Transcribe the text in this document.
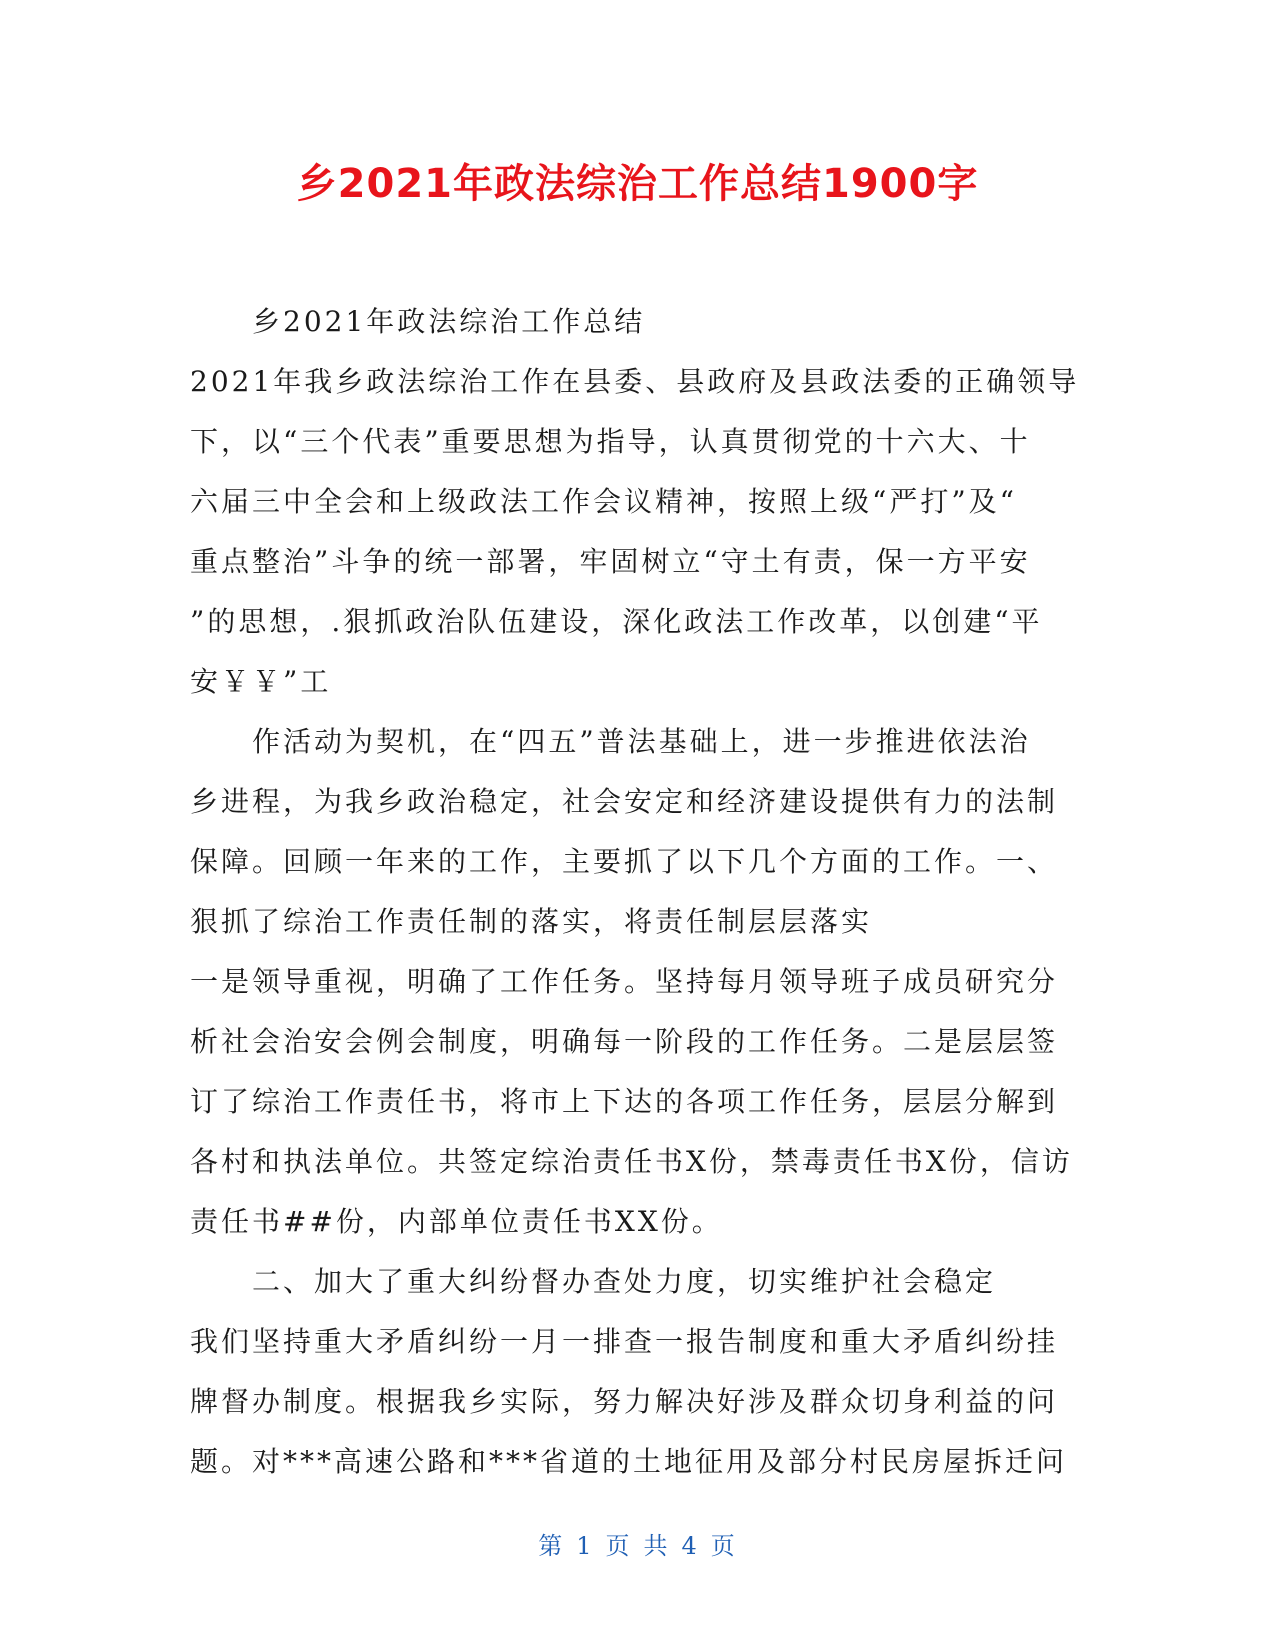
乡2021年政法综治工作总结1900字
乡2021年政法综治工作总结
2021年我乡政法综治工作在县委、县政府及县政法委的正确领导
下，以“三个代表”重要思想为指导，认真贯彻党的十六大、十
六届三中全会和上级政法工作会议精神，按照上级“严打”及“
重点整治”斗争的统一部署，牢固树立“守土有责，保一方平安
”的思想，.狠抓政治队伍建设，深化政法工作改革，以创建“平
安￥￥”工
作活动为契机，在“四五”普法基础上，进一步推进依法治
乡进程，为我乡政治稳定，社会安定和经济建设提供有力的法制
保障。回顾一年来的工作，主要抓了以下几个方面的工作。一、
狠抓了综治工作责任制的落实，将责任制层层落实
一是领导重视，明确了工作任务。坚持每月领导班子成员研究分
析社会治安会例会制度，明确每一阶段的工作任务。二是层层签
订了综治工作责任书，将市上下达的各项工作任务，层层分解到
各村和执法单位。共签定综治责任书X份，禁毒责任书X份，信访
责任书##份，内部单位责任书XX份。
二、加大了重大纠纷督办查处力度，切实维护社会稳定
我们坚持重大矛盾纠纷一月一排查一报告制度和重大矛盾纠纷挂
牌督办制度。根据我乡实际，努力解决好涉及群众切身利益的问
题。对***高速公路和***省道的土地征用及部分村民房屋拆迁问
第 1 页 共 4 页
